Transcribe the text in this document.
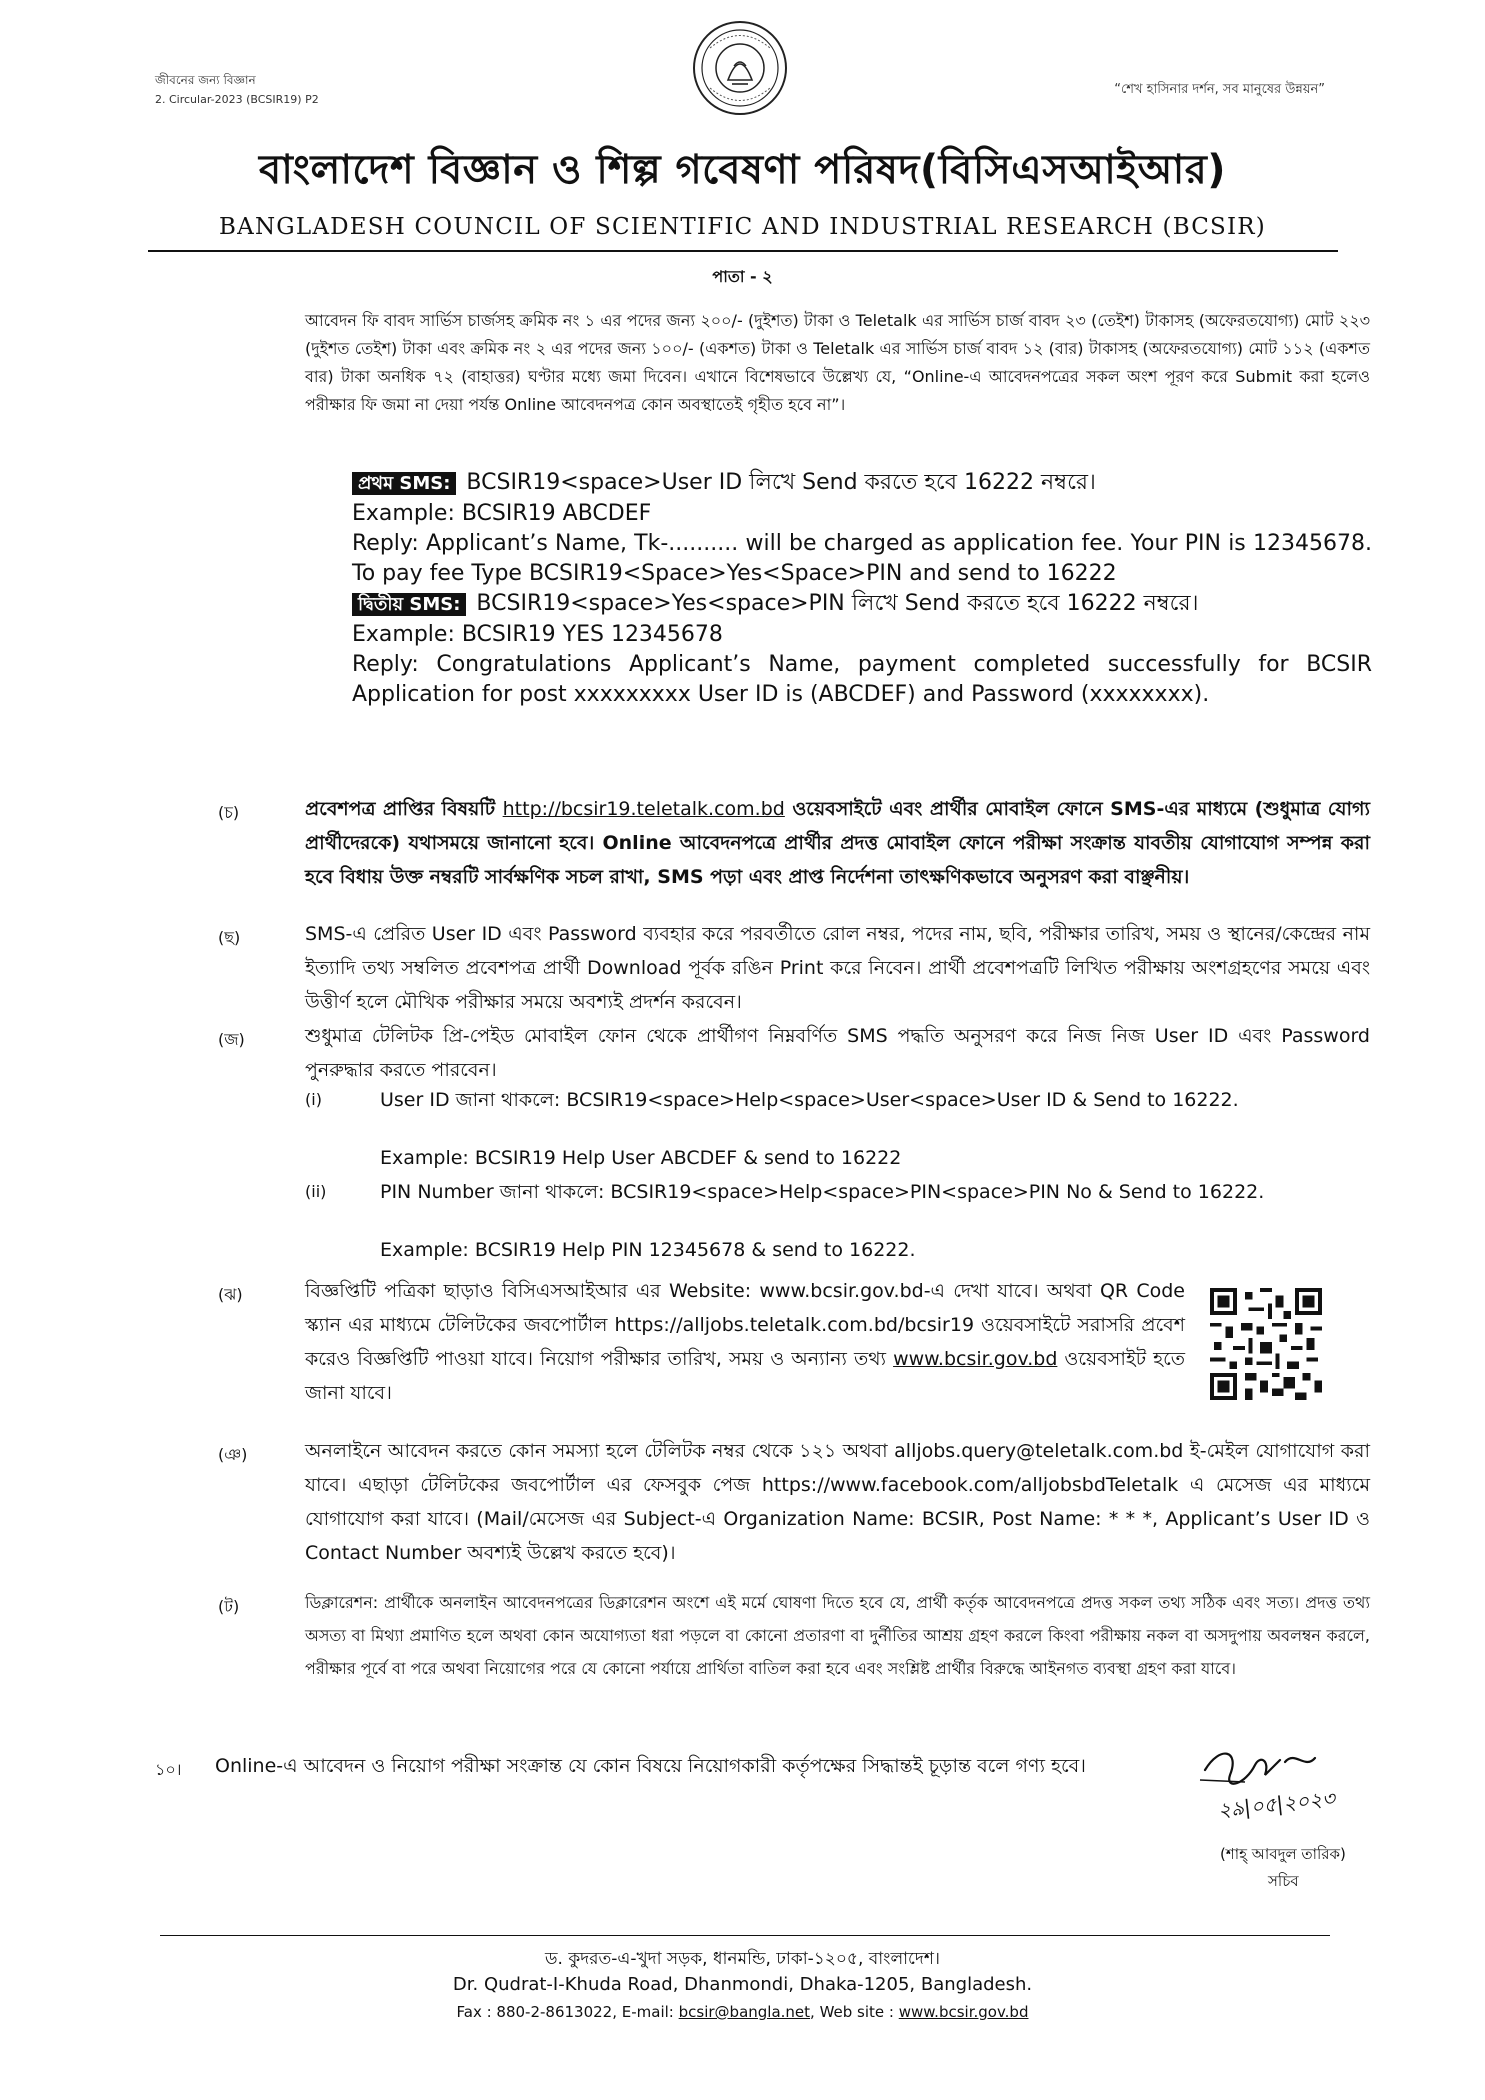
জীবনের জন্য বিজ্ঞান
2. Circular-2023 (BCSIR19) P2
“শেখ হাসিনার দর্শন, সব মানুষের উন্নয়ন”
বাংলাদেশ বিজ্ঞান ও শিল্প গবেষণা পরিষদ(বিসিএসআইআর)
BANGLADESH COUNCIL OF SCIENTIFIC AND INDUSTRIAL RESEARCH (BCSIR)
পাতা - ২
আবেদন ফি বাবদ সার্ভিস চার্জসহ ক্রমিক নং ১ এর পদের জন্য ২০০/- (দুইশত) টাকা ও Teletalk এর সার্ভিস চার্জ বাবদ ২৩ (তেইশ) টাকাসহ (অফেরতযোগ্য) মোট ২২৩ (দুইশত তেইশ) টাকা এবং ক্রমিক নং ২ এর পদের জন্য ১০০/- (একশত) টাকা ও Teletalk এর সার্ভিস চার্জ বাবদ ১২ (বার) টাকাসহ (অফেরতযোগ্য) মোট ১১২ (একশত বার) টাকা অনধিক ৭২ (বাহাত্তর) ঘণ্টার মধ্যে জমা দিবেন। এখানে বিশেষভাবে উল্লেখ্য যে, “Online-এ আবেদনপত্রের সকল অংশ পূরণ করে Submit করা হলেও পরীক্ষার ফি জমা না দেয়া পর্যন্ত Online আবেদনপত্র কোন অবস্থাতেই গৃহীত হবে না”।
প্রথম SMS: BCSIR19<space>User ID লিখে Send করতে হবে 16222 নম্বরে।
Example: BCSIR19 ABCDEF
Reply: Applicant’s Name, Tk-.......... will be charged as application fee. Your PIN is 12345678. To pay fee Type BCSIR19<Space>Yes<Space>PIN and send to 16222
দ্বিতীয় SMS: BCSIR19<space>Yes<space>PIN লিখে Send করতে হবে 16222 নম্বরে।
Example: BCSIR19 YES 12345678
Reply: Congratulations Applicant’s Name, payment completed successfully for BCSIR Application for post xxxxxxxxx User ID is (ABCDEF) and Password (xxxxxxxx).
(চ)	প্রবেশপত্র প্রাপ্তির বিষয়টি http://bcsir19.teletalk.com.bd ওয়েবসাইটে এবং প্রার্থীর মোবাইল ফোনে SMS-এর মাধ্যমে (শুধুমাত্র যোগ্য প্রার্থীদেরকে) যথাসময়ে জানানো হবে। Online আবেদনপত্রে প্রার্থীর প্রদত্ত মোবাইল ফোনে পরীক্ষা সংক্রান্ত যাবতীয় যোগাযোগ সম্পন্ন করা হবে বিধায় উক্ত নম্বরটি সার্বক্ষণিক সচল রাখা, SMS পড়া এবং প্রাপ্ত নির্দেশনা তাৎক্ষণিকভাবে অনুসরণ করা বাঞ্ছনীয়।
(ছ)	SMS-এ প্রেরিত User ID এবং Password ব্যবহার করে পরবর্তীতে রোল নম্বর, পদের নাম, ছবি, পরীক্ষার তারিখ, সময় ও স্থানের/কেন্দ্রের নাম ইত্যাদি তথ্য সম্বলিত প্রবেশপত্র প্রার্থী Download পূর্বক রঙিন Print করে নিবেন। প্রার্থী প্রবেশপত্রটি লিখিত পরীক্ষায় অংশগ্রহণের সময়ে এবং উত্তীর্ণ হলে মৌখিক পরীক্ষার সময়ে অবশ্যই প্রদর্শন করবেন।
(জ)	শুধুমাত্র টেলিটক প্রি-পেইড মোবাইল ফোন থেকে প্রার্থীগণ নিম্নবর্ণিত SMS পদ্ধতি অনুসরণ করে নিজ নিজ User ID এবং Password পুনরুদ্ধার করতে পারবেন।
(i)	User ID জানা থাকলে: BCSIR19<space>Help<space>User<space>User ID & Send to 16222.
Example: BCSIR19 Help User ABCDEF & send to 16222
(ii)	PIN Number জানা থাকলে: BCSIR19<space>Help<space>PIN<space>PIN No & Send to 16222.
Example: BCSIR19 Help PIN 12345678 & send to 16222.
(ঝ)	বিজ্ঞপ্তিটি পত্রিকা ছাড়াও বিসিএসআইআর এর Website: www.bcsir.gov.bd-এ দেখা যাবে। অথবা QR Code স্ক্যান এর মাধ্যমে টেলিটকের জবপোর্টাল https://alljobs.teletalk.com.bd/bcsir19 ওয়েবসাইটে সরাসরি প্রবেশ করেও বিজ্ঞপ্তিটি পাওয়া যাবে। নিয়োগ পরীক্ষার তারিখ, সময় ও অন্যান্য তথ্য www.bcsir.gov.bd ওয়েবসাইট হতে জানা যাবে।
(ঞ)	অনলাইনে আবেদন করতে কোন সমস্যা হলে টেলিটক নম্বর থেকে ১২১ অথবা alljobs.query@teletalk.com.bd ই-মেইল যোগাযোগ করা যাবে। এছাড়া টেলিটকের জবপোর্টাল এর ফেসবুক পেজ https://www.facebook.com/alljobsbdTeletalk এ মেসেজ এর মাধ্যমে যোগাযোগ করা যাবে। (Mail/মেসেজ এর Subject-এ Organization Name: BCSIR, Post Name: * * *, Applicant’s User ID ও Contact Number অবশ্যই উল্লেখ করতে হবে)।
(ট)	ডিক্লারেশন: প্রার্থীকে অনলাইন আবেদনপত্রের ডিক্লারেশন অংশে এই মর্মে ঘোষণা দিতে হবে যে, প্রার্থী কর্তৃক আবেদনপত্রে প্রদত্ত সকল তথ্য সঠিক এবং সত্য। প্রদত্ত তথ্য অসত্য বা মিথ্যা প্রমাণিত হলে অথবা কোন অযোগ্যতা ধরা পড়লে বা কোনো প্রতারণা বা দুর্নীতির আশ্রয় গ্রহণ করলে কিংবা পরীক্ষায় নকল বা অসদুপায় অবলম্বন করলে, পরীক্ষার পূর্বে বা পরে অথবা নিয়োগের পরে যে কোনো পর্যায়ে প্রার্থিতা বাতিল করা হবে এবং সংশ্লিষ্ট প্রার্থীর বিরুদ্ধে আইনগত ব্যবস্থা গ্রহণ করা যাবে।
১০। Online-এ আবেদন ও নিয়োগ পরীক্ষা সংক্রান্ত যে কোন বিষয়ে নিয়োগকারী কর্তৃপক্ষের সিদ্ধান্তই চূড়ান্ত বলে গণ্য হবে।
২৯|০৫|২০২৩
(শাহ্ আবদুল তারিক)
সচিব
ড. কুদরত-এ-খুদা সড়ক, ধানমন্ডি, ঢাকা-১২০৫, বাংলাদেশ।
Dr. Qudrat-I-Khuda Road, Dhanmondi, Dhaka-1205, Bangladesh.
Fax : 880-2-8613022, E-mail: bcsir@bangla.net, Web site : www.bcsir.gov.bd
